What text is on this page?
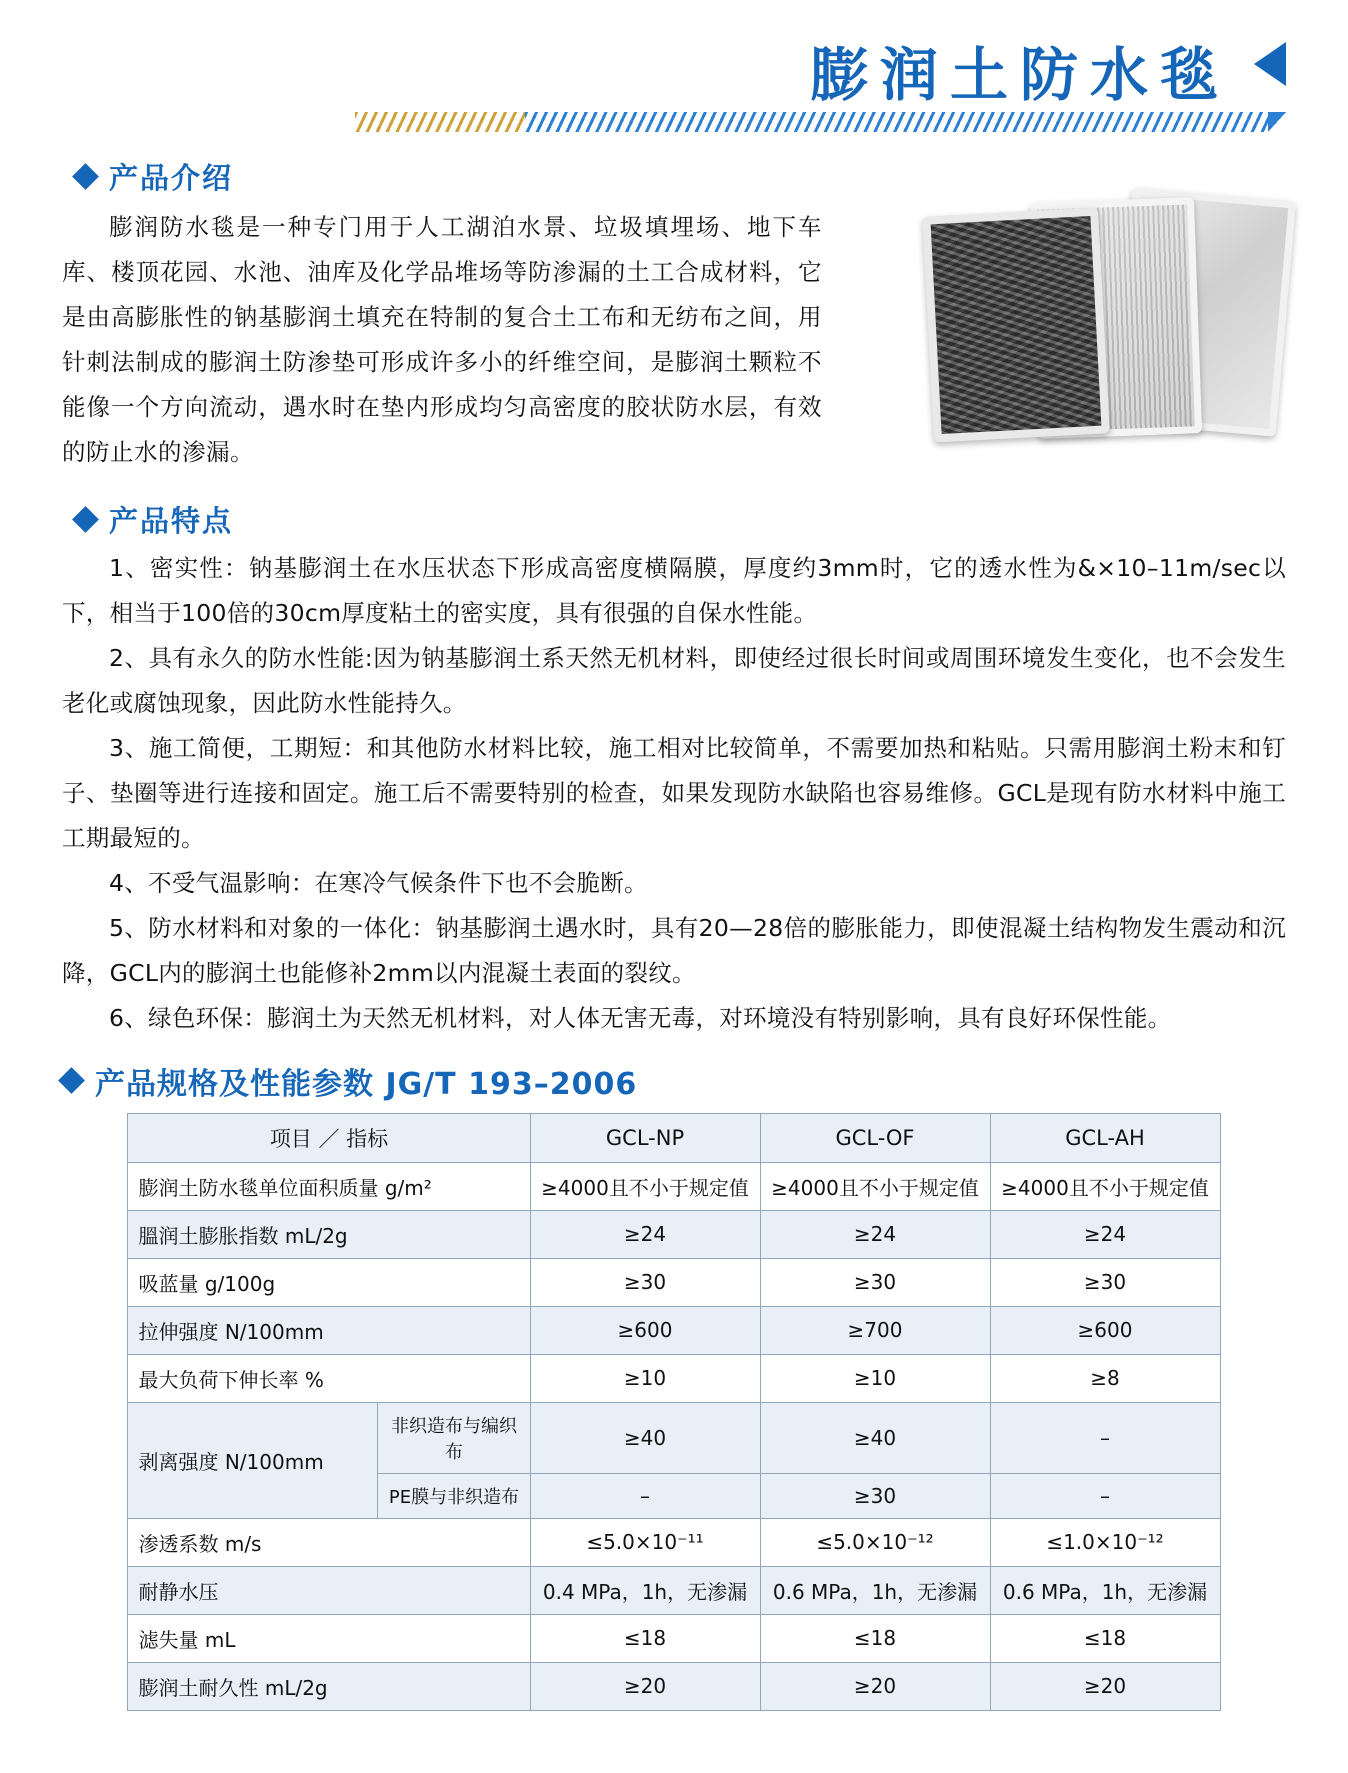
膨润土防水毯
产品介绍

膨润防水毯是一种专门用于人工湖泊水景、垃圾填埋场、地下车库、楼顶花园、水池、油库及化学品堆场等防渗漏的土工合成材料，它是由高膨胀性的钠基膨润土填充在特制的复合土工布和无纺布之间，用针刺法制成的膨润土防渗垫可形成许多小的纤维空间，是膨润土颗粒不能像一个方向流动，遇水时在垫内形成均匀高密度的胶状防水层，有效的防止水的渗漏。

产品特点

1、密实性：钠基膨润土在水压状态下形成高密度横隔膜，厚度约3mm时，它的透水性为&×10–11m/sec以下，相当于100倍的30cm厚度粘土的密实度，具有很强的自保水性能。

2、具有永久的防水性能:因为钠基膨润土系天然无机材料，即使经过很长时间或周围环境发生变化，也不会发生老化或腐蚀现象，因此防水性能持久。

3、施工简便，工期短：和其他防水材料比较，施工相对比较简单，不需要加热和粘贴。只需用膨润土粉末和钉子、垫圈等进行连接和固定。施工后不需要特别的检查，如果发现防水缺陷也容易维修。GCL是现有防水材料中施工工期最短的。

4、不受气温影响：在寒冷气候条件下也不会脆断。

5、防水材料和对象的一体化：钠基膨润土遇水时，具有20—28倍的膨胀能力，即使混凝土结构物发生震动和沉降，GCL内的膨润土也能修补2mm以内混凝土表面的裂纹。

6、绿色环保：膨润土为天然无机材料，对人体无害无毒，对环境没有特别影响，具有良好环保性能。

产品规格及性能参数 JG/T 193–2006
项目 ／ 指标		GCL-NP	GCL-OF	GCL-AH
膨润土防水毯单位面积质量 g/m²		≥4000且不小于规定值	≥4000且不小于规定值	≥4000且不小于规定值
膃润土膨胀指数 mL/2g		≥24	≥24	≥24
吸蓝量 g/100g		≥30	≥30	≥30
拉伸强度 N/100mm		≥600	≥700	≥600
最大负荷下伸长率 %		≥10	≥10	≥8
剥离强度 N/100mm	非织造布与编织布	≥40	≥40	–
	PE膜与非织造布	–	≥30	–
渗透系数 m/s		≤5.0×10⁻¹¹	≤5.0×10⁻¹²	≤1.0×10⁻¹²
耐静水压		0.4 MPa，1h，无渗漏	0.6 MPa，1h，无渗漏	0.6 MPa，1h，无渗漏
滤失量 mL		≤18	≤18	≤18
膨润土耐久性 mL/2g		≥20	≥20	≥20
